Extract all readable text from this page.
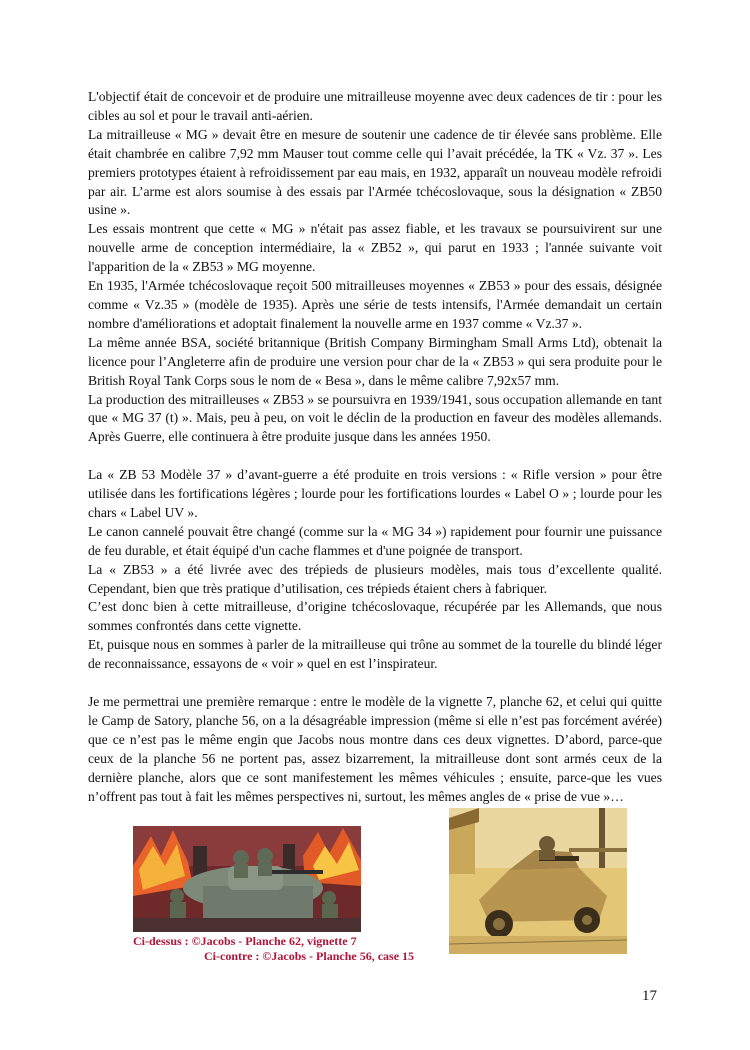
L'objectif était de concevoir et de produire une mitrailleuse moyenne avec deux cadences de tir : pour les cibles au sol et pour le travail anti-aérien.

La mitrailleuse « MG » devait être en mesure de soutenir une cadence de tir élevée sans problème. Elle était chambrée en calibre 7,92 mm Mauser tout comme celle qui l’avait précédée, la TK « Vz. 37 ». Les premiers prototypes étaient à refroidissement par eau mais, en 1932, apparaît un nouveau modèle refroidi par air. L’arme est alors soumise à des essais par l'Armée tchécoslovaque, sous la désignation « ZB50 usine ».

Les essais montrent que cette « MG » n'était pas assez fiable, et les travaux se poursuivirent sur une nouvelle arme de conception intermédiaire, la « ZB52 », qui parut en 1933 ; l'année suivante voit l'apparition de la « ZB53 » MG moyenne.

En 1935, l'Armée tchécoslovaque reçoit 500 mitrailleuses moyennes « ZB53 » pour des essais, désignée comme « Vz.35 » (modèle de 1935). Après une série de tests intensifs, l'Armée demandait un certain nombre d'améliorations et adoptait finalement la nouvelle arme en 1937 comme « Vz.37 ».

La même année BSA, société britannique (British Company Birmingham Small Arms Ltd), obtenait la licence pour l’Angleterre afin de produire une version pour char de la « ZB53 » qui sera produite pour le British Royal Tank Corps sous le nom de « Besa », dans le même calibre 7,92x57 mm.

La production des mitrailleuses « ZB53 » se poursuivra en 1939/1941, sous occupation allemande en tant que « MG 37 (t) ». Mais, peu à peu, on voit le déclin de la production en faveur des modèles allemands. Après Guerre, elle continuera à être produite jusque dans les années 1950.

La « ZB 53 Modèle 37 » d’avant-guerre a été produite en trois versions : « Rifle version » pour être utilisée dans les fortifications légères ; lourde pour les fortifications lourdes « Label O » ; lourde pour les chars « Label UV ».

Le canon cannelé pouvait être changé (comme sur la « MG 34 ») rapidement pour fournir une puissance de feu durable, et était équipé d'un cache flammes et d'une poignée de transport.

La « ZB53 » a été livrée avec des trépieds de plusieurs modèles, mais tous d’excellente qualité. Cependant, bien que très pratique d’utilisation, ces trépieds étaient chers à fabriquer.

C’est donc bien à cette mitrailleuse, d’origine tchécoslovaque, récupérée par les Allemands, que nous sommes confrontés dans cette vignette.

Et, puisque nous en sommes à parler de la mitrailleuse qui trône au sommet de la tourelle du blindé léger de reconnaissance, essayons de « voir » quel en est l’inspirateur.

Je me permettrai une première remarque : entre le modèle de la vignette 7, planche 62, et celui qui quitte le Camp de Satory, planche 56, on a la désagréable impression (même si elle n’est pas forcément avérée) que ce n’est pas le même engin que Jacobs nous montre dans ces deux vignettes. D’abord, parce-que ceux de la planche 56 ne portent pas, assez bizarrement, la mitrailleuse dont sont armés ceux de la dernière planche, alors que ce sont manifestement les mêmes véhicules ; ensuite, parce-que les vues n’offrent pas tout à fait les mêmes perspectives ni, surtout, les mêmes angles de « prise de vue »…

Ci-dessus : ©Jacobs - Planche 62, vignette 7
Ci-contre : ©Jacobs - Planche 56, case 15
17
